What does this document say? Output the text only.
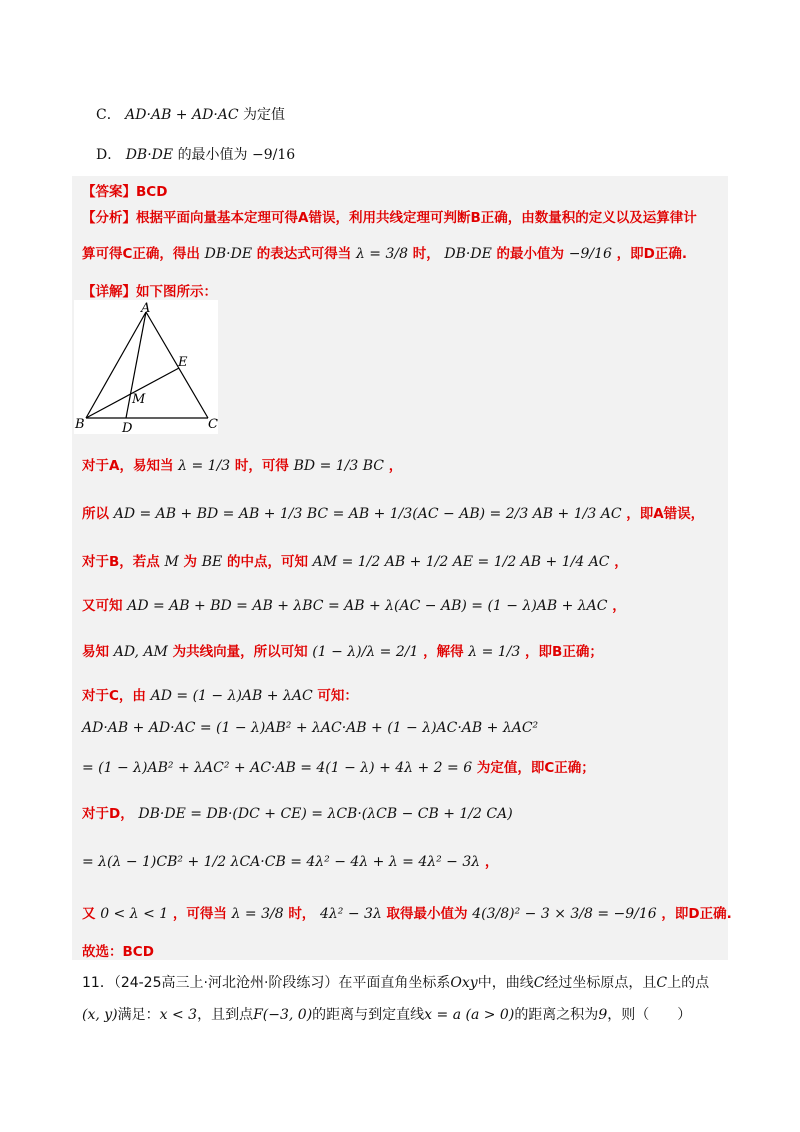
C． AD·AB + AD·AC 为定值
D． DB·DE 的最小值为 −9/16
【答案】BCD
【分析】根据平面向量基本定理可得A错误，利用共线定理可判断B正确，由数量积的定义以及运算律计
算可得C正确，得出 DB·DE 的表达式可得当 λ = 3/8 时， DB·DE 的最小值为 −9/16 ，即D正确.
【详解】如下图所示：
A
E
M
B	D	C
对于A，易知当 λ = 1/3 时，可得 BD = 1/3 BC ，
所以 AD = AB + BD = AB + 1/3 BC = AB + 1/3(AC − AB) = 2/3 AB + 1/3 AC ，即A错误，
对于B，若点 M 为 BE 的中点，可知 AM = 1/2 AB + 1/2 AE = 1/2 AB + 1/4 AC ，
又可知 AD = AB + BD = AB + λBC = AB + λ(AC − AB) = (1 − λ)AB + λAC ，
易知 AD, AM 为共线向量，所以可知 (1 − λ)/λ = 2/1 ，解得 λ = 1/3 ，即B正确；
对于C，由 AD = (1 − λ)AB + λAC 可知：
AD·AB + AD·AC = (1 − λ)AB² + λAC·AB + (1 − λ)AC·AB + λAC²
= (1 − λ)AB² + λAC² + AC·AB = 4(1 − λ) + 4λ + 2 = 6 为定值，即C正确；
对于D， DB·DE = DB·(DC + CE) = λCB·(λCB − CB + 1/2 CA)
= λ(λ − 1)CB² + 1/2 λCA·CB = 4λ² − 4λ + λ = 4λ² − 3λ ，
又 0 < λ < 1 ，可得当 λ = 3/8 时， 4λ² − 3λ 取得最小值为 4(3/8)² − 3 × 3/8 = −9/16 ，即D正确.
故选：BCD
11．（24-25高三上·河北沧州·阶段练习）在平面直角坐标系Oxy中，曲线C经过坐标原点，且C上的点
(x, y)满足：x < 3，且到点F(−3, 0)的距离与到定直线x = a (a > 0)的距离之积为9，则（　　）
